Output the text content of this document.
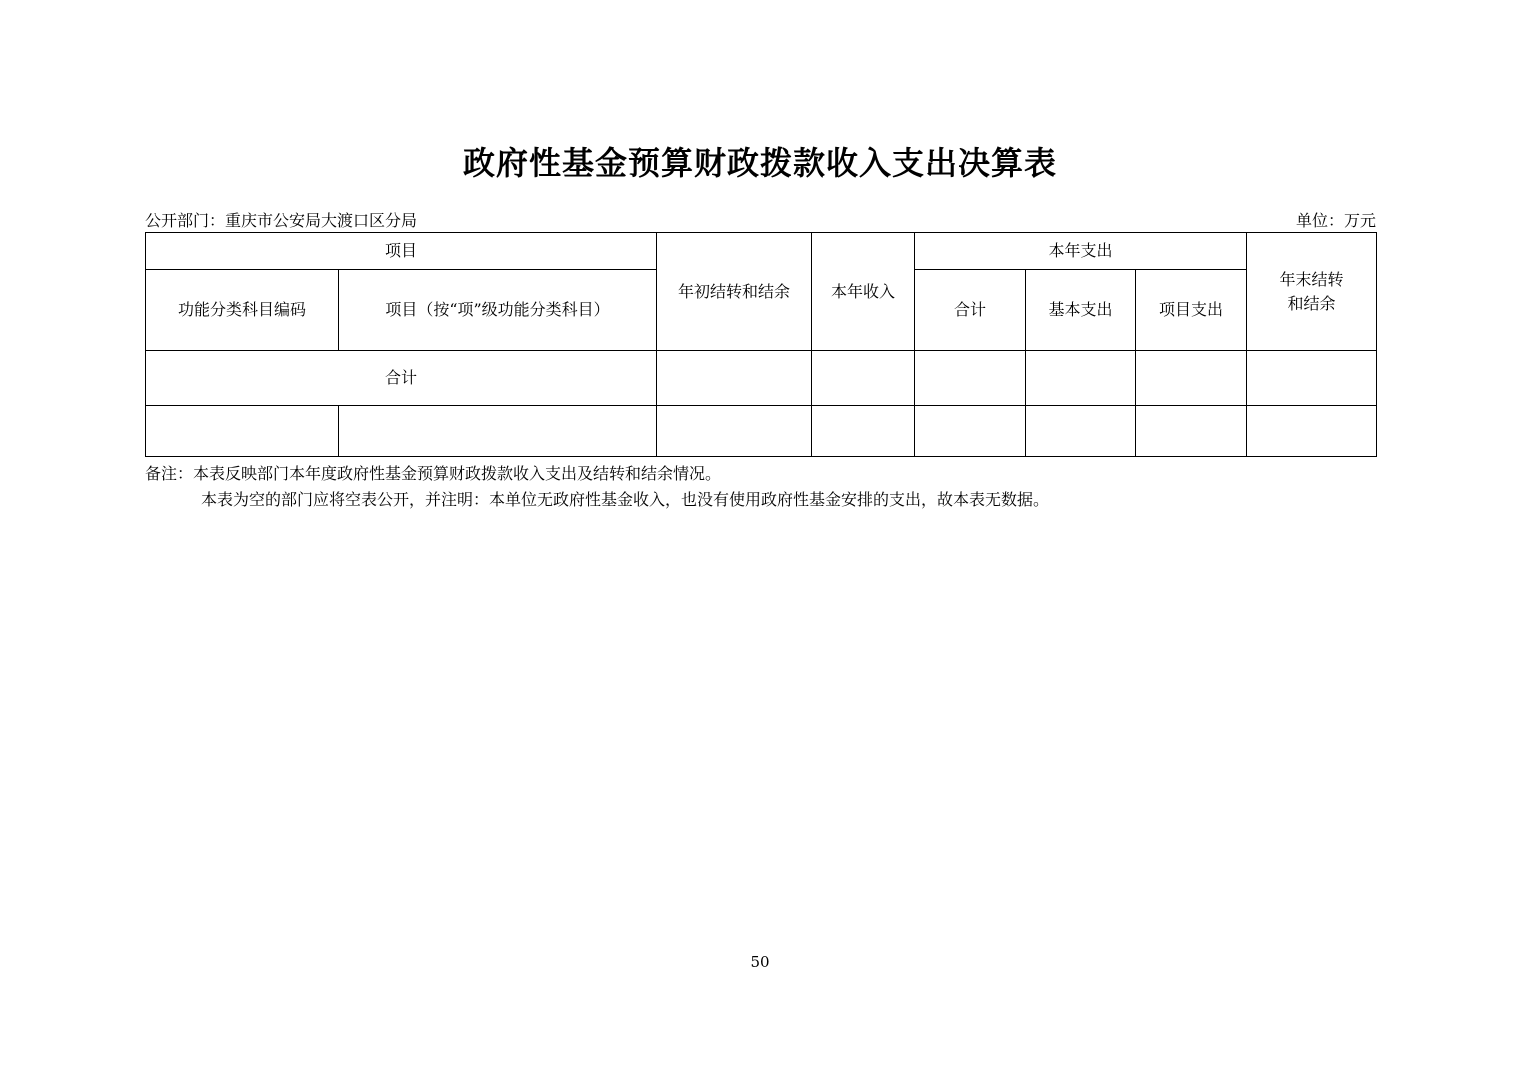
政府性基金预算财政拨款收入支出决算表
公开部门：重庆市公安局大渡口区分局	单位：万元
项目		年初结转和结余	本年收入	本年支出			年末结转和结余
功能分类科目编码	项目（按“项”级功能分类科目）			合计	基本支出	项目支出	
合计							

备注：本表反映部门本年度政府性基金预算财政拨款收入支出及结转和结余情况。
本表为空的部门应将空表公开，并注明：本单位无政府性基金收入，也没有使用政府性基金安排的支出，故本表无数据。
50
